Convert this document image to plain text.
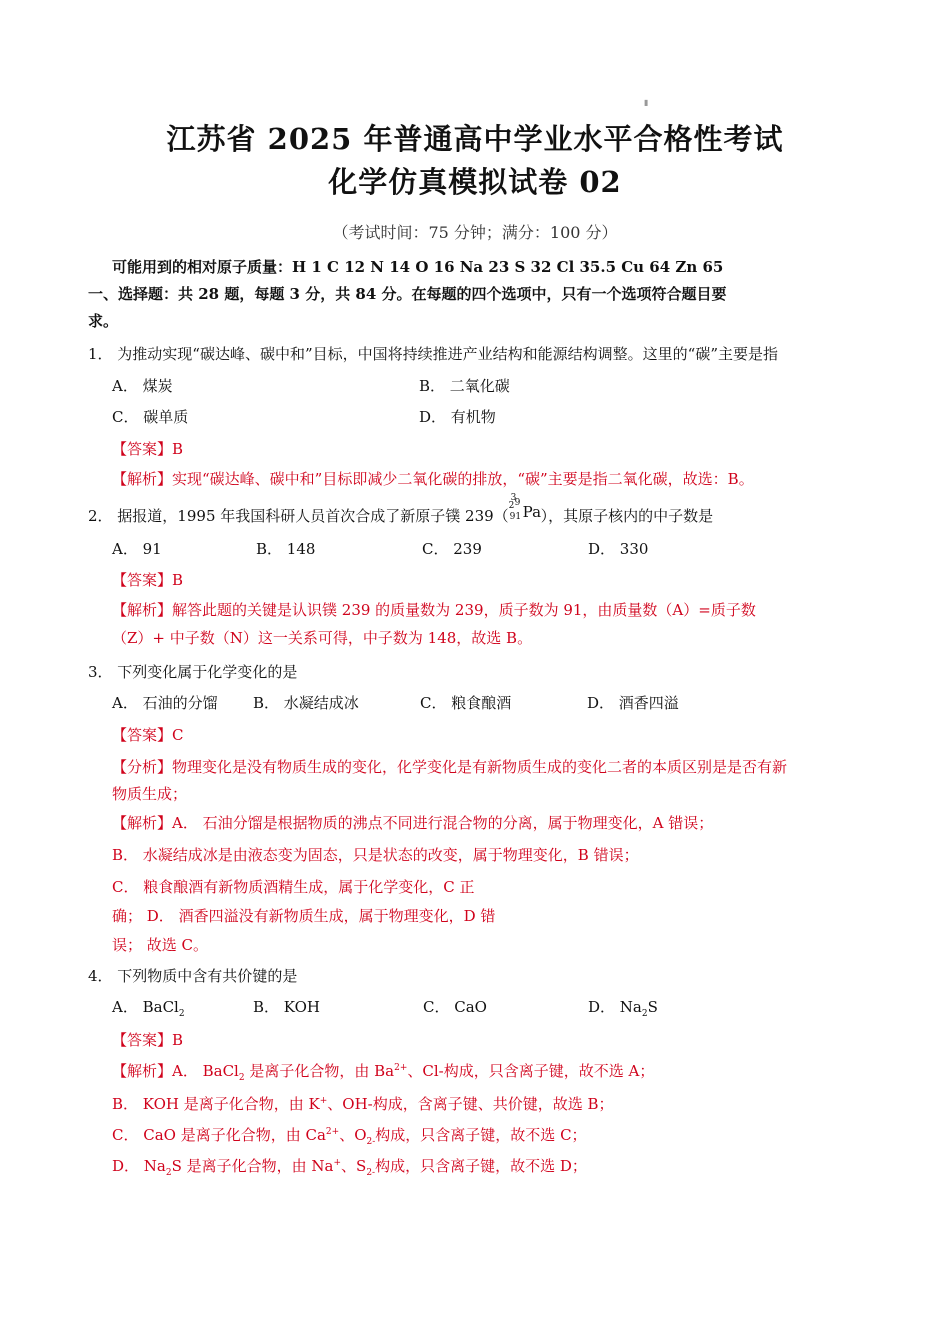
▮
江苏省 2025 年普通高中学业水平合格性考试
化学仿真模拟试卷 02
（考试时间：75 分钟；满分：100 分）
可能用到的相对原子质量：H 1 C 12 N 14 O 16 Na 23 S 32 Cl 35.5 Cu 64 Zn 65
一、选择题：共 28 题，每题 3 分，共 84 分。在每题的四个选项中，只有一个选项符合题目要
求。
1． 为推动实现“碳达峰、碳中和”目标，中国将持续推进产业结构和能源结构调整。这里的“碳”主要是指
A． 煤炭	B． 二氧化碳
C． 碳单质	D． 有机物
【答案】B
【解析】实现“碳达峰、碳中和”目标即减少二氧化碳的排放，“碳”主要是指二氧化碳，故选：B。
2． 据报道，1995 年我国科研人员首次合成了新原子镤 239（
3
2 9
91 Pa ），其原子核内的中子数是
A． 91	B． 148	C． 239	D． 330
【答案】B
【解析】解答此题的关键是认识镤 239 的质量数为 239，质子数为 91，由质量数（A）=质子数
（Z）+ 中子数（N）这一关系可得，中子数为 148，故选 B。
3． 下列变化属于化学变化的是
A． 石油的分馏 B． 水凝结成冰	C． 粮食酿酒	D． 酒香四溢
【答案】C
【分析】物理变化是没有物质生成的变化，化学变化是有新物质生成的变化二者的本质区别是是否有新
物质生成；
【解析】A． 石油分馏是根据物质的沸点不同进行混合物的分离，属于物理变化，A 错误；
B． 水凝结成冰是由液态变为固态，只是状态的改变，属于物理变化，B 错误；
C． 粮食酿酒有新物质酒精生成，属于化学变化，C 正
确； D． 酒香四溢没有新物质生成，属于物理变化，D 错
误； 故选 C。
4． 下列物质中含有共价键的是
A． BaCl$_2$	B． KOH	C． CaO	D． $Na_2S$
【答案】B
【解析】A． BaCl$_2$ 是离子化合物，由 $Ba^{2+}$、Cl-构成，只含离子键，故不选 A；
B． KOH 是离子化合物，由 K+、OH-构成，含离子键、共价键，故选 B；
C． CaO 是离子化合物，由 $Ca^{2+}$、$O_{2-}$构成，只含离子键，故不选 C；
D． $Na_2S$ 是离子化合物，由 Na+、$S_{2-}$构成，只含离子键，故不选 D；
